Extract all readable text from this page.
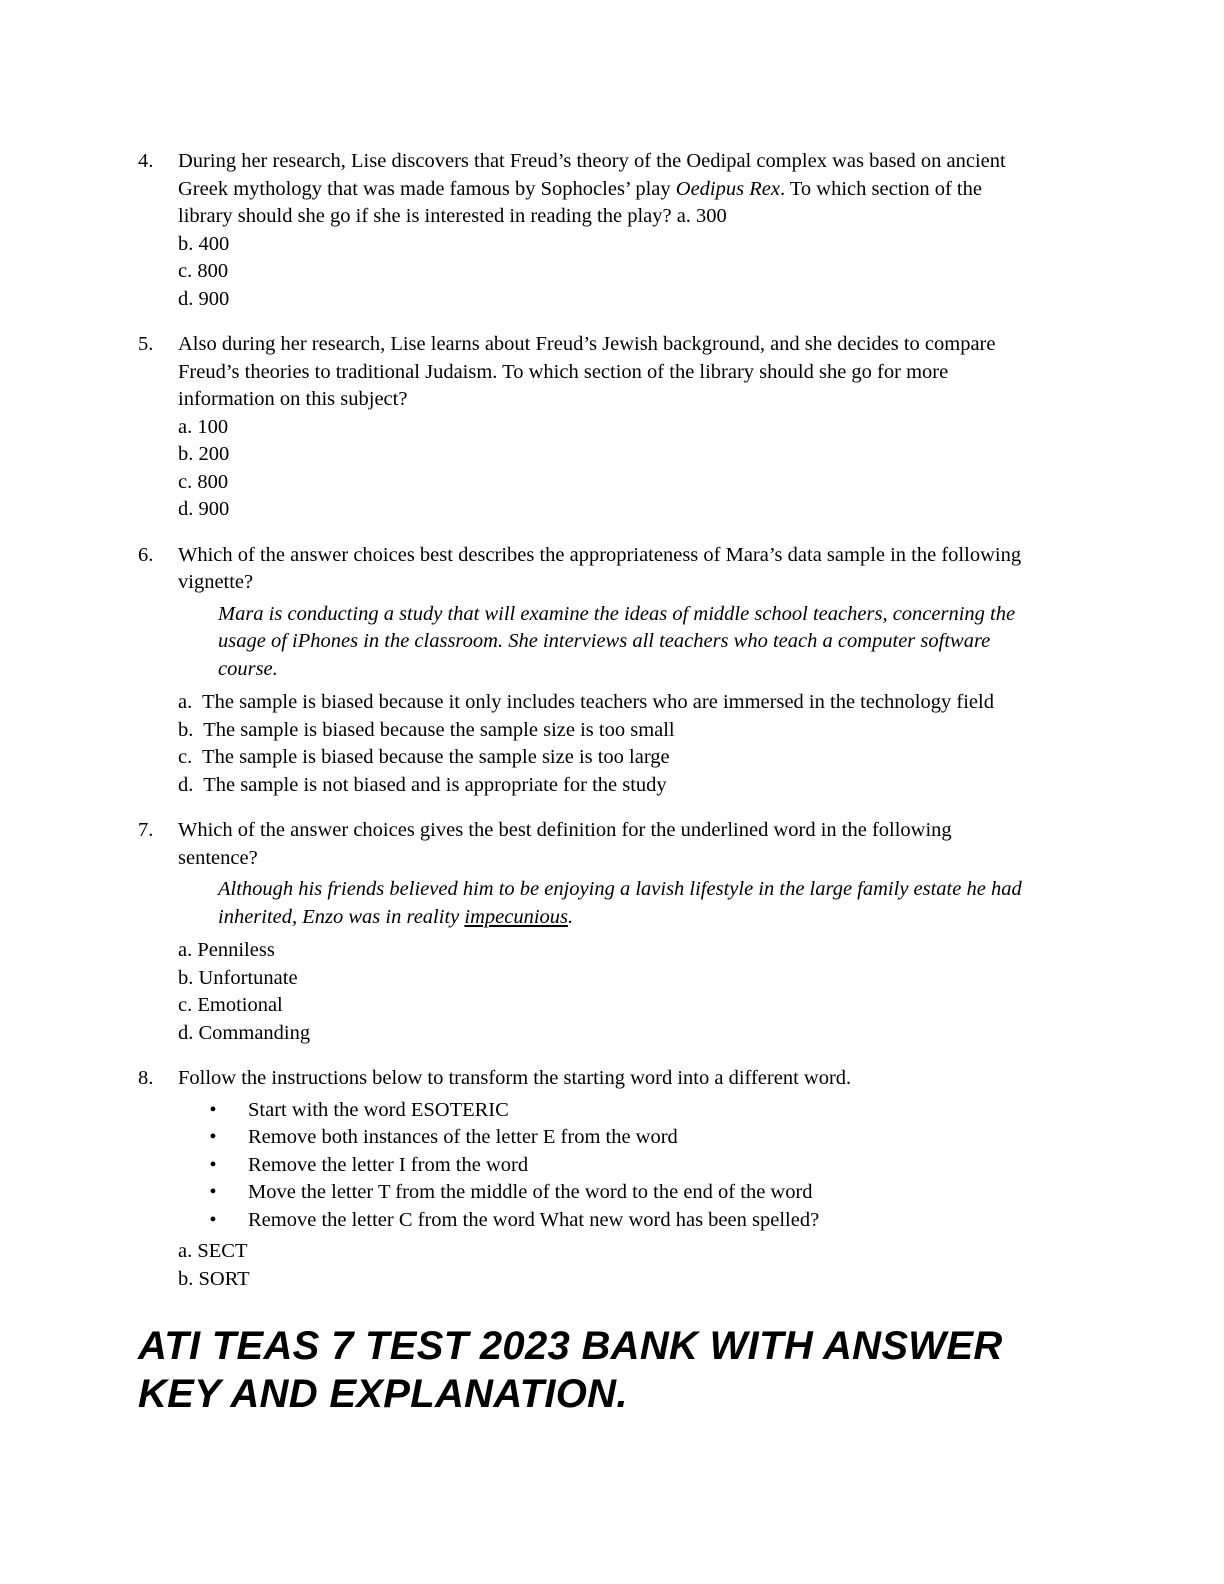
4.	During her research, Lise discovers that Freud’s theory of the Oedipal complex was based on ancient Greek mythology that was made famous by Sophocles’ play Oedipus Rex. To which section of the library should she go if she is interested in reading the play? a. 300

b. 400
c. 800
d. 900
5.	Also during her research, Lise learns about Freud’s Jewish background, and she decides to compare Freud’s theories to traditional Judaism. To which section of the library should she go for more information on this subject?

a. 100
b. 200
c. 800
d. 900
6.	Which of the answer choices best describes the appropriateness of Mara’s data sample in the following vignette?

Mara is conducting a study that will examine the ideas of middle school teachers, concerning the usage of iPhones in the classroom. She interviews all teachers who teach a computer software course.

a.  The sample is biased because it only includes teachers who are immersed in the technology field
b.  The sample is biased because the sample size is too small
c.  The sample is biased because the sample size is too large
d.  The sample is not biased and is appropriate for the study
7.	Which of the answer choices gives the best definition for the underlined word in the following sentence?

Although his friends believed him to be enjoying a lavish lifestyle in the large family estate he had inherited, Enzo was in reality impecunious.

a. Penniless
b. Unfortunate
c. Emotional
d. Commanding
8.	Follow the instructions below to transform the starting word into a different word.

•	Start with the word ESOTERIC
•	Remove both instances of the letter E from the word
•	Remove the letter I from the word
•	Move the letter T from the middle of the word to the end of the word
•	Remove the letter C from the word What new word has been spelled?
a. SECT
b. SORT
ATI TEAS 7 TEST 2023 BANK WITH ANSWER KEY AND EXPLANATION.
